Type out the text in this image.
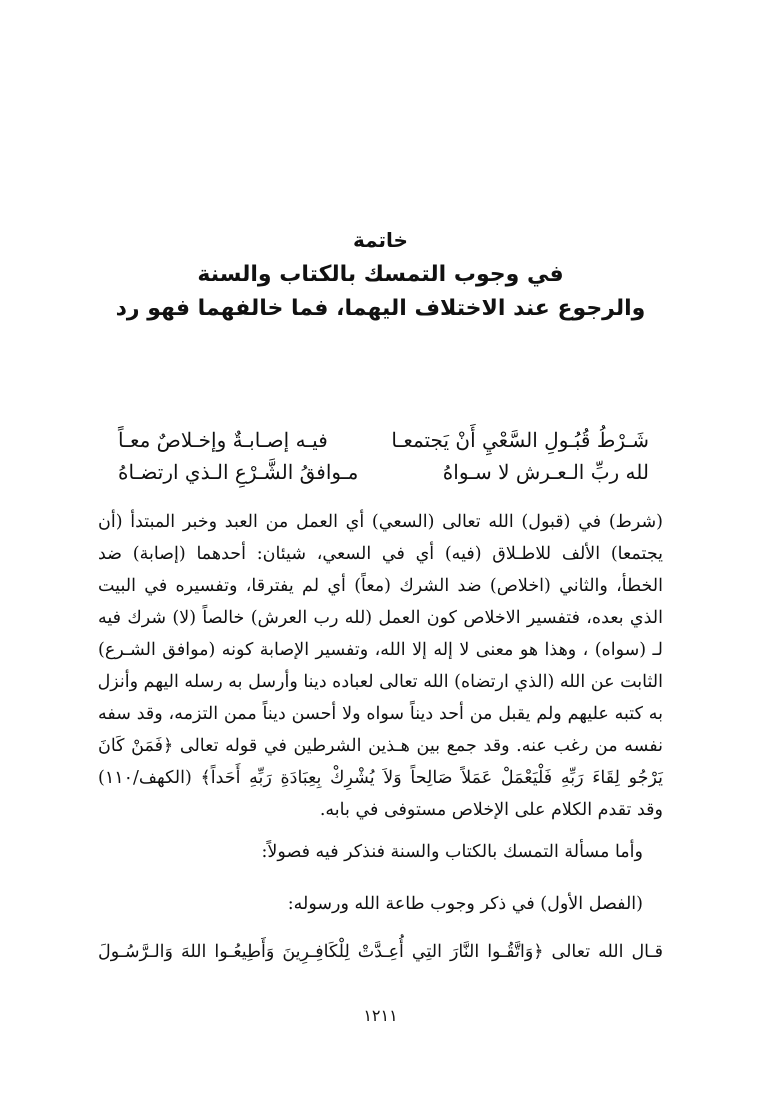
خاتمة
في وجوب التمسك بالكتاب والسنة
والرجوع عند الاختلاف اليهما، فما خالفهما فهو رد
شَـرْطُ قُبُـولِ السَّعْيِ أَنْ يَجتمعـا
فيـه إصـابـةٌ وإخـلاصٌ معـاً
لله ربِّ الـعـرش لا سـواهُ
مـوافقُ الشَّـرْعِ الـذي ارتضـاهُ
(شرط) في (قبول) الله تعالى (السعي) أي العمل من العبد وخبر المبتدأ (أن
يجتمعا) الألف للاطـلاق (فيه) أي في السعي، شيئان: أحدهما (إصابة) ضد
الخطأ، والثاني (اخلاص) ضد الشرك (معاً) أي لم يفترقا، وتفسيره في البيت
الذي بعده، فتفسير الاخلاص كون العمل (لله رب العرش) خالصاً (لا) شرك فيه
لـ (سواه) ، وهذا هو معنى لا إله إلا الله، وتفسير الإصابة كونه (موافق الشـرع)
الثابت عن الله (الذي ارتضاه) الله تعالى لعباده دينا وأرسل به رسله اليهم وأنزل
به كتبه عليهم ولم يقبل من أحد ديناً سواه ولا أحسن ديناً ممن التزمه، وقد سفه
نفسه من رغب عنه. وقد جمع بين هـذين الشرطين في قوله تعالى ﴿فَمَنْ كَانَ
يَرْجُو لِقَاءَ رَبِّهِ فَلْيَعْمَلْ عَمَلاً صَالِحاً وَلاَ يُشْرِكْ بِعِبَادَةِ رَبِّهِ أَحَداً﴾ (الكهف/١١٠)
وقد تقدم الكلام على الإخلاص مستوفى في بابه.
وأما مسألة التمسك بالكتاب والسنة فنذكر فيه فصولاً:
(الفصل الأول) في ذكر وجوب طاعة الله ورسوله:
قـال الله تعالى ﴿وَاتَّقُـوا النَّارَ التِي أُعِـدَّتْ لِلْكَافِـرِينَ وَأَطِيعُـوا اللهَ وَالـرَّسُـولَ
١٢١١
